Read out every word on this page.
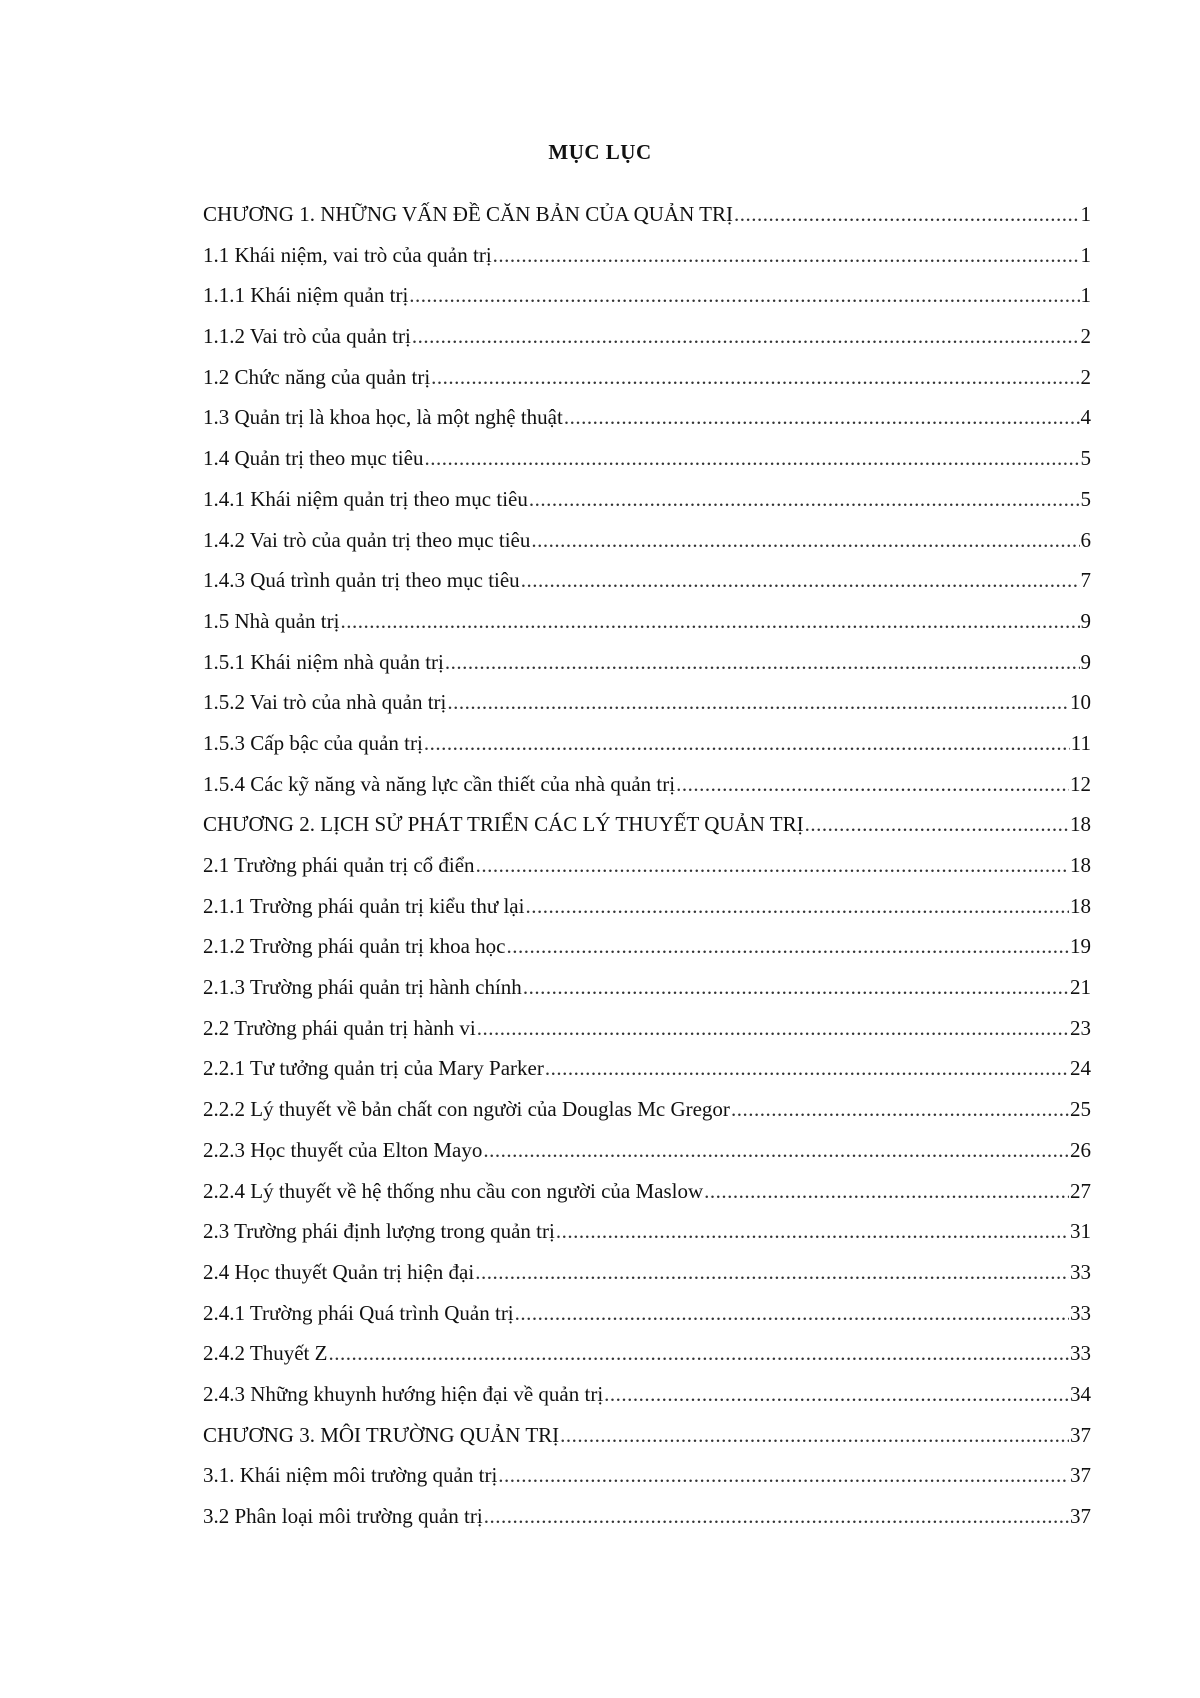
MỤC LỤC
CHƯƠNG 1. NHỮNG VẤN ĐỀ CĂN BẢN CỦA QUẢN TRỊ .....	1
1.1 Khái niệm, vai trò của quản trị .....	1
1.1.1 Khái niệm quản trị .....	1
1.1.2 Vai trò của quản trị .....	2
1.2 Chức năng của quản trị .....	2
1.3 Quản trị là khoa học, là một nghệ thuật .....	4
1.4 Quản trị theo mục tiêu .....	5
1.4.1 Khái niệm quản trị theo mục tiêu .....	5
1.4.2 Vai trò của quản trị theo mục tiêu .....	6
1.4.3 Quá trình quản trị theo mục tiêu .....	7
1.5 Nhà quản trị .....	9
1.5.1 Khái niệm nhà quản trị .....	9
1.5.2 Vai trò của nhà quản trị .....	10
1.5.3 Cấp bậc của quản trị .....	11
1.5.4 Các kỹ năng và năng lực cần thiết của nhà quản trị .....	12
CHƯƠNG 2. LỊCH SỬ PHÁT TRIỂN CÁC LÝ THUYẾT QUẢN TRỊ .....	18
2.1 Trường phái quản trị cổ điển .....	18
2.1.1 Trường phái quản trị kiểu thư lại .....	18
2.1.2 Trường phái quản trị khoa học .....	19
2.1.3 Trường phái quản trị hành chính .....	21
2.2 Trường phái quản trị hành vi .....	23
2.2.1 Tư tưởng quản trị của Mary Parker .....	24
2.2.2 Lý thuyết về bản chất con người của Douglas Mc Gregor .....	25
2.2.3 Học thuyết của Elton Mayo .....	26
2.2.4 Lý thuyết về hệ thống nhu cầu con người của Maslow .....	27
2.3 Trường phái định lượng trong quản trị .....	31
2.4 Học thuyết Quản trị hiện đại .....	33
2.4.1 Trường phái Quá trình Quản trị .....	33
2.4.2 Thuyết Z .....	33
2.4.3 Những khuynh hướng hiện đại về quản trị .....	34
CHƯƠNG 3. MÔI TRƯỜNG QUẢN TRỊ .....	37
3.1. Khái niệm môi trường quản trị .....	37
3.2 Phân loại môi trường quản trị .....	37
